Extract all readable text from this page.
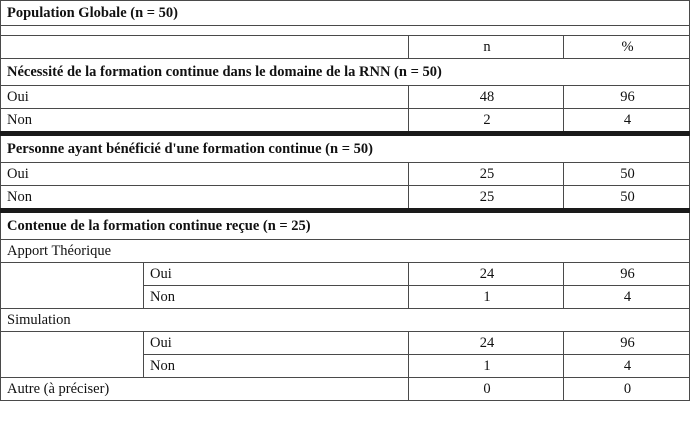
Population Globale (n = 50)			

		n	%
Nécessité de la formation continue dans le domaine de la RNN (n = 50)			
Oui		48	96
Non		2	4
Personne ayant bénéficié d'une formation continue (n = 50)			
Oui		25	50
Non		25	50
Contenue de la formation continue reçue (n = 25)			
Apport Théorique			
	Oui	24	96
	Non	1	4
Simulation			
	Oui	24	96
	Non	1	4
Autre (à préciser)		0	0
